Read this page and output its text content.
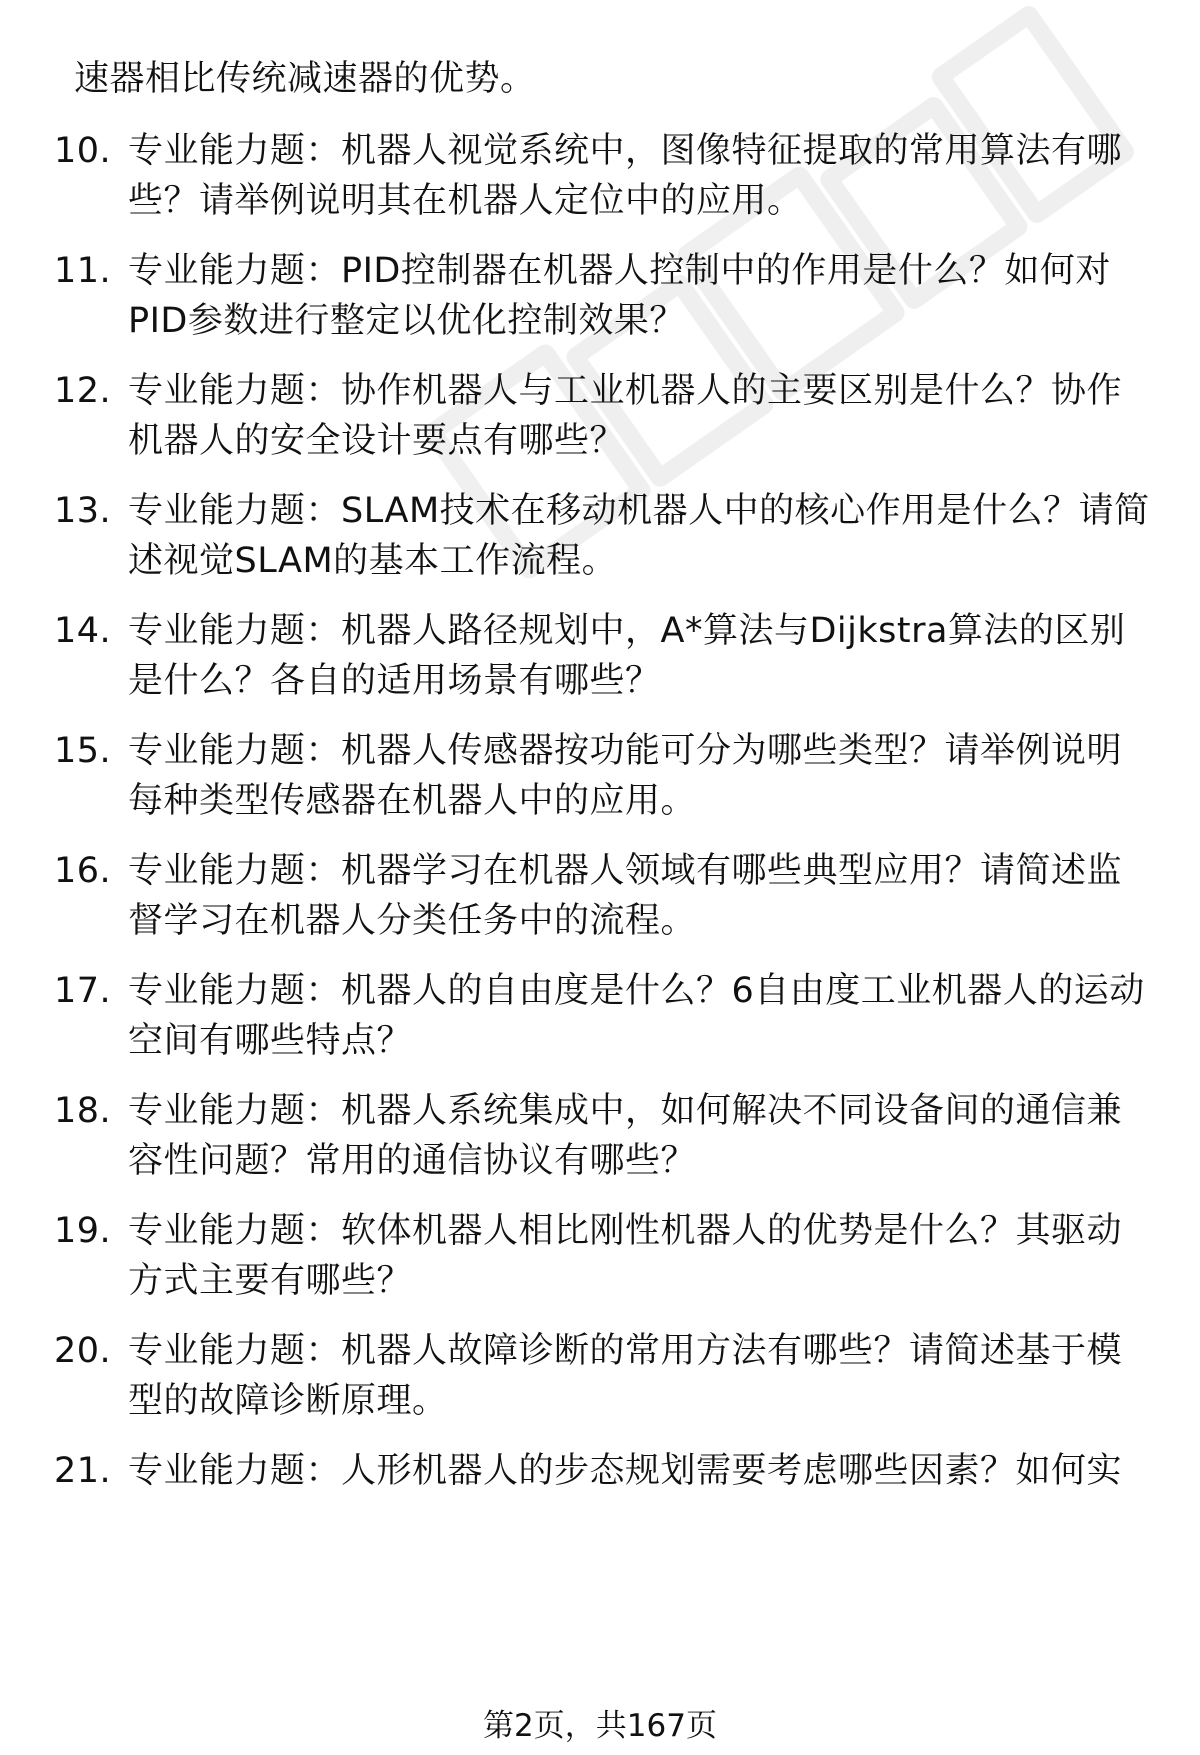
速器相比传统减速器的优势。
10. 专业能力题：机器人视觉系统中，图像特征提取的常用算法有哪些？请举例说明其在机器人定位中的应用。
11. 专业能力题：PID控制器在机器人控制中的作用是什么？如何对PID参数进行整定以优化控制效果？
12. 专业能力题：协作机器人与工业机器人的主要区别是什么？协作机器人的安全设计要点有哪些？
13. 专业能力题：SLAM技术在移动机器人中的核心作用是什么？请简述视觉SLAM的基本工作流程。
14. 专业能力题：机器人路径规划中，A*算法与Dijkstra算法的区别是什么？各自的适用场景有哪些？
15. 专业能力题：机器人传感器按功能可分为哪些类型？请举例说明每种类型传感器在机器人中的应用。
16. 专业能力题：机器学习在机器人领域有哪些典型应用？请简述监督学习在机器人分类任务中的流程。
17. 专业能力题：机器人的自由度是什么？6自由度工业机器人的运动空间有哪些特点？
18. 专业能力题：机器人系统集成中，如何解决不同设备间的通信兼容性问题？常用的通信协议有哪些？
19. 专业能力题：软体机器人相比刚性机器人的优势是什么？其驱动方式主要有哪些？
20. 专业能力题：机器人故障诊断的常用方法有哪些？请简述基于模型的故障诊断原理。
21. 专业能力题：人形机器人的步态规划需要考虑哪些因素？如何实
第2页，共167页
